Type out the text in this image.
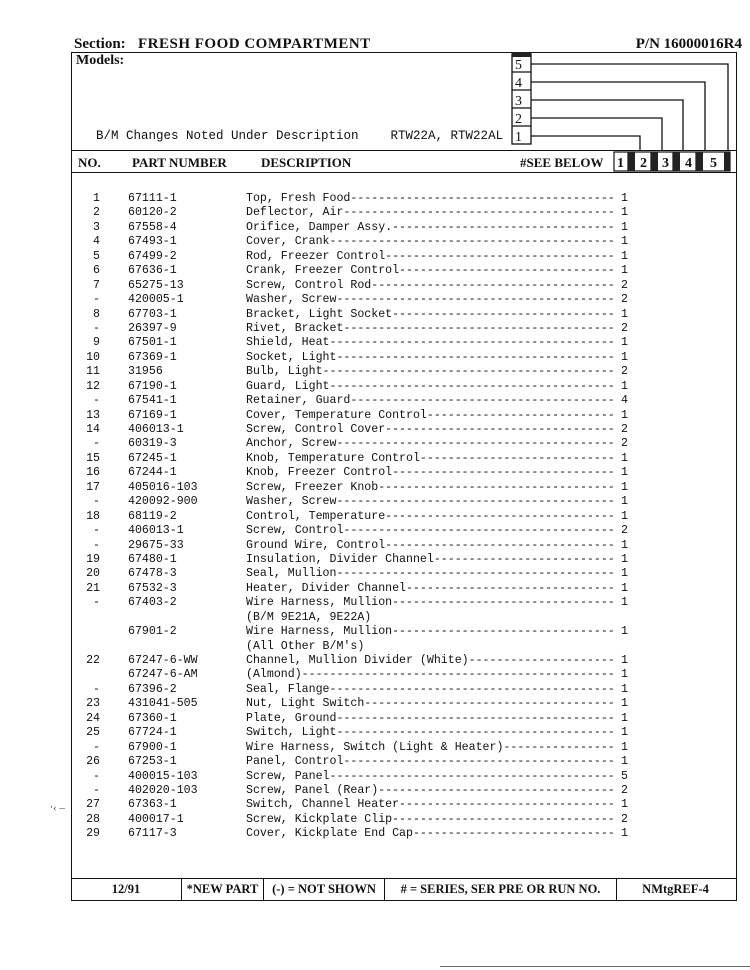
Section: FRESH FOOD COMPARTMENT	P/N 16000016R4
Models:
B/M Changes Noted Under Description	RTW22A, RTW22AL
5
4
3
2
1
1 2 3 4 5
NO. PART NUMBER	DESCRIPTION	#SEE BELOW
1 67111-1	Top, Fresh Food-------------------------------------- 1
2 60120-2	Deflector, Air--------------------------------------- 1
3 67558-4	Orifice, Damper Assy.-------------------------------- 1
4 67493-1	Cover, Crank----------------------------------------- 1
5 67499-2	Rod, Freezer Control--------------------------------- 1
6 67636-1	Crank, Freezer Control------------------------------- 1
7 65275-13	Screw, Control Rod----------------------------------- 2
- 420005-1	Washer, Screw---------------------------------------- 2
8 67703-1	Bracket, Light Socket-------------------------------- 1
- 26397-9	Rivet, Bracket--------------------------------------- 2
9 67501-1	Shield, Heat----------------------------------------- 1
10 67369-1	Socket, Light---------------------------------------- 1
11 31956	Bulb, Light------------------------------------------ 2
12 67190-1	Guard, Light----------------------------------------- 1
- 67541-1	Retainer, Guard-------------------------------------- 4
13 67169-1	Cover, Temperature Control--------------------------- 1
14 406013-1	Screw, Control Cover--------------------------------- 2
- 60319-3	Anchor, Screw---------------------------------------- 2
15 67245-1	Knob, Temperature Control---------------------------- 1
16 67244-1	Knob, Freezer Control-------------------------------- 1
17 405016-103	Screw, Freezer Knob---------------------------------- 1
- 420092-900	Washer, Screw---------------------------------------- 1
18 68119-2	Control, Temperature--------------------------------- 1
- 406013-1	Screw, Control--------------------------------------- 2
- 29675-33	Ground Wire, Control--------------------------------- 1
19 67480-1	Insulation, Divider Channel-------------------------- 1
20 67478-3	Seal, Mullion---------------------------------------- 1
21 67532-3	Heater, Divider Channel------------------------------ 1
- 67403-2	Wire Harness, Mullion-------------------------------- 1
(B/M 9E21A, 9E22A)
67901-2	Wire Harness, Mullion-------------------------------- 1
(All Other B/M's)
22 67247-6-WW	Channel, Mullion Divider (White)--------------------- 1
67247-6-AM	(Almond)--------------------------------------------- 1
- 67396-2	Seal, Flange----------------------------------------- 1
23 431041-505	Nut, Light Switch------------------------------------ 1
24 67360-1	Plate, Ground---------------------------------------- 1
25 67724-1	Switch, Light---------------------------------------- 1
- 67900-1	Wire Harness, Switch (Light & Heater)---------------- 1
26 67253-1	Panel, Control--------------------------------------- 1
- 400015-103	Screw, Panel----------------------------------------- 5
- 402020-103	Screw, Panel (Rear)---------------------------------- 2
27 67363-1	Switch, Channel Heater------------------------------- 1
28 400017-1	Screw, Kickplate Clip-------------------------------- 2
29 67117-3	Cover, Kickplate End Cap----------------------------- 1
⸱‹ –
12/91	*NEW PART	(-) = NOT SHOWN	# = SERIES, SER PRE OR RUN NO.	NMtgREF-4
